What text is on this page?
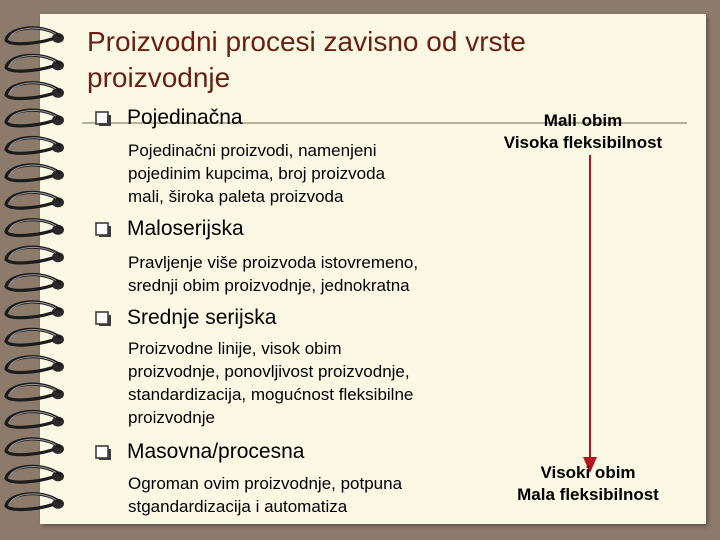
Proizvodni procesi zavisno od vrste
proizvodnje
Pojedinačna
Pojedinačni proizvodi, namenjeni
pojedinim kupcima, broj proizvoda
mali, široka paleta proizvoda
Maloserijska
Pravljenje više proizvoda istovremeno,
srednji obim proizvodnje, jednokratna
Srednje serijska
Proizvodne linije, visok obim
proizvodnje, ponovljivost proizvodnje,
standardizacija, mogućnost fleksibilne
proizvodnje
Masovna/procesna
Ogroman ovim proizvodnje, potpuna
stgandardizacija i automatiza
Mali obim
Visoka fleksibilnost
Visoki obim
Mala fleksibilnost
